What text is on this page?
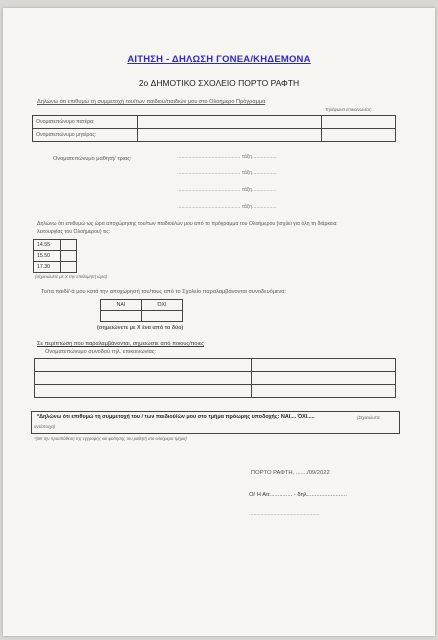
ΑΙΤΗΣΗ - ΔΗΛΩΣΗ ΓΟΝΕΑ/ΚΗΔΕΜΟΝΑ
2o ΔΗΜΟΤΙΚΟ ΣΧΟΛΕΙΟ ΠΟΡΤΟ ΡΑΦΤΗ
Δηλώνω ότι επιθυμώ τη συμμετοχή του/των παιδιού/παιδιών μου στο Ολοήμερο Πρόγραμμα
Τηλέφωνα επικοινωνίας:
Ονοματεπώνυμο πατέρα:		
Ονοματεπώνυμο μητέρας:		
Ονοματεπώνυμο μαθητή/ τριας:	............................................ τάξη.................
............................................ τάξη.................
............................................ τάξη.................
............................................ τάξη.................
Δηλώνω ότι επιθυμώ ως ώρα αποχώρησης του/των παιδιού/ών μου από το πρόγραμμα του Ολοήμερου (ισχύει για όλη τη διάρκεια
λειτουργίας του Ολοήμερου) τις:
14.55	
15.50	
17.30	
(σημειώνετε με Χ την επιθυμητή ώρα)
Το/τα παιδί/-ά μου κατά την αποχώρησή του/τους από το Σχολείο παραλαμβάνονται συνοδευόμενα:
ΝΑΙ	ΌΧΙ

(σημειώνετε με Χ ένα από τα δύο)
Σε περίπτωση που παραλαμβάνονται, σημειώστε από ποιους/ποιες
Ονοματεπώνυμο συνοδού τηλ. επικοινωνίας:

*Δηλώνω ότι επιθυμώ τη συμμετοχή του / των παιδιού/ών μου στο τμήμα πρόωρης υποδοχής: ΝΑΙ.... ΌΧΙ.....	(Σημειώνετε
αντίστοιχα)
*(Με την προϋπόθεση της εγγραφής και φοίτησης του μαθητή στο ολοήμερο τμήμα)
ΠΟΡΤΟ ΡΑΦΤΗ, ......./09/2022
Ο/ Η Αιτ.............. - δηλ.........................
.................................................
